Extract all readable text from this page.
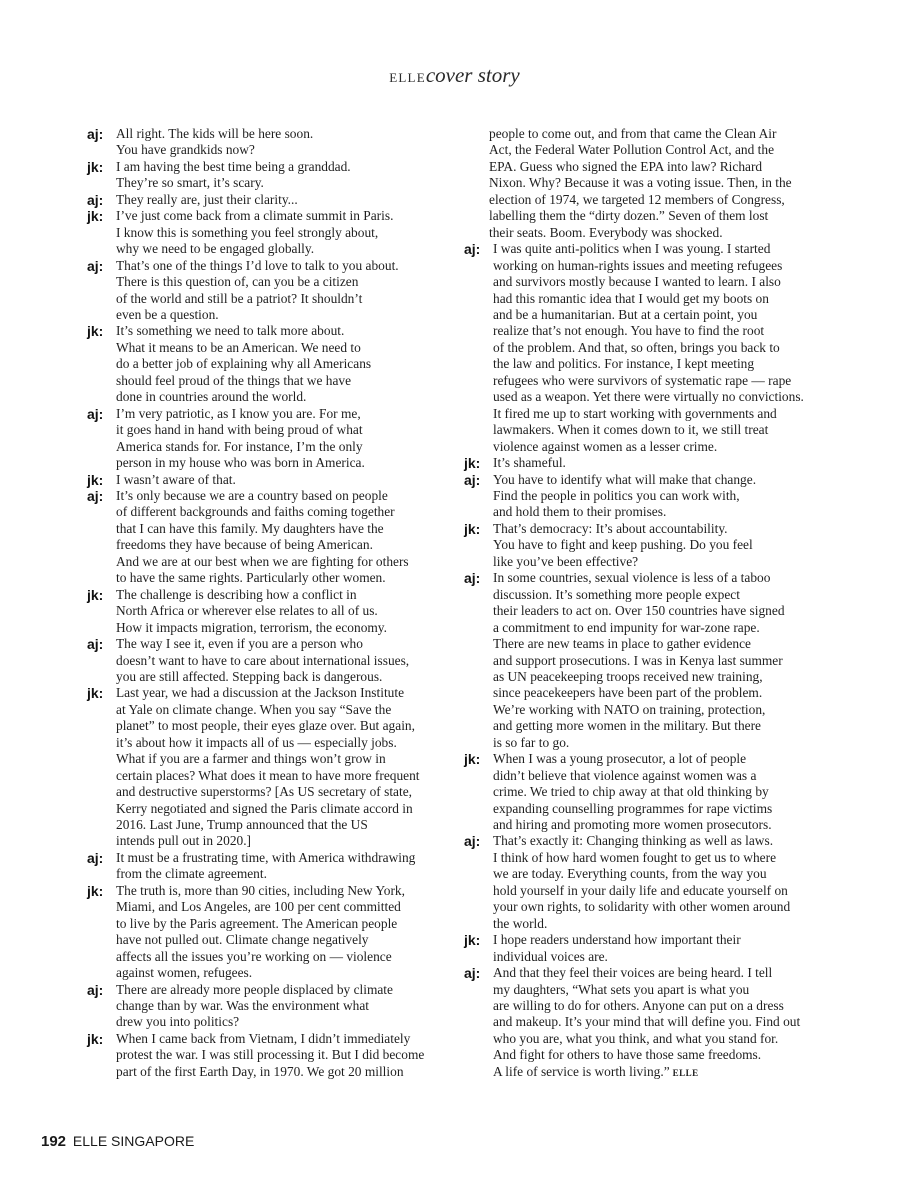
ELLEcover story
aj: All right. The kids will be here soon.
You have grandkids now?
jk: I am having the best time being a granddad.
They’re so smart, it’s scary.
aj: They really are, just their clarity...
jk: I’ve just come back from a climate summit in Paris.
I know this is something you feel strongly about,
why we need to be engaged globally.
aj: That’s one of the things I’d love to talk to you about.
There is this question of, can you be a citizen
of the world and still be a patriot? It shouldn’t
even be a question.
jk: It’s something we need to talk more about.
What it means to be an American. We need to
do a better job of explaining why all Americans
should feel proud of the things that we have
done in countries around the world.
aj: I’m very patriotic, as I know you are. For me,
it goes hand in hand with being proud of what
America stands for. For instance, I’m the only
person in my house who was born in America.
jk: I wasn’t aware of that.
aj: It’s only because we are a country based on people
of different backgrounds and faiths coming together
that I can have this family. My daughters have the
freedoms they have because of being American.
And we are at our best when we are fighting for others
to have the same rights. Particularly other women.
jk: The challenge is describing how a conflict in
North Africa or wherever else relates to all of us.
How it impacts migration, terrorism, the economy.
aj: The way I see it, even if you are a person who
doesn’t want to have to care about international issues,
you are still affected. Stepping back is dangerous.
jk: Last year, we had a discussion at the Jackson Institute
at Yale on climate change. When you say “Save the
planet” to most people, their eyes glaze over. But again,
it’s about how it impacts all of us — especially jobs.
What if you are a farmer and things won’t grow in
certain places? What does it mean to have more frequent
and destructive superstorms? [As US secretary of state,
Kerry negotiated and signed the Paris climate accord in
2016. Last June, Trump announced that the US
intends pull out in 2020.]
aj: It must be a frustrating time, with America withdrawing
from the climate agreement.
jk: The truth is, more than 90 cities, including New York,
Miami, and Los Angeles, are 100 per cent committed
to live by the Paris agreement. The American people
have not pulled out. Climate change negatively
affects all the issues you’re working on — violence
against women, refugees.
aj: There are already more people displaced by climate
change than by war. Was the environment what
drew you into politics?
jk: When I came back from Vietnam, I didn’t immediately
protest the war. I was still processing it. But I did become
part of the first Earth Day, in 1970. We got 20 million
people to come out, and from that came the Clean Air
Act, the Federal Water Pollution Control Act, and the
EPA. Guess who signed the EPA into law? Richard
Nixon. Why? Because it was a voting issue. Then, in the
election of 1974, we targeted 12 members of Congress,
labelling them the “dirty dozen.” Seven of them lost
their seats. Boom. Everybody was shocked.
aj: I was quite anti-politics when I was young. I started
working on human-rights issues and meeting refugees
and survivors mostly because I wanted to learn. I also
had this romantic idea that I would get my boots on
and be a humanitarian. But at a certain point, you
realize that’s not enough. You have to find the root
of the problem. And that, so often, brings you back to
the law and politics. For instance, I kept meeting
refugees who were survivors of systematic rape — rape
used as a weapon. Yet there were virtually no convictions.
It fired me up to start working with governments and
lawmakers. When it comes down to it, we still treat
violence against women as a lesser crime.
jk: It’s shameful.
aj: You have to identify what will make that change.
Find the people in politics you can work with,
and hold them to their promises.
jk: That’s democracy: It’s about accountability.
You have to fight and keep pushing. Do you feel
like you’ve been effective?
aj: In some countries, sexual violence is less of a taboo
discussion. It’s something more people expect
their leaders to act on. Over 150 countries have signed
a commitment to end impunity for war-zone rape.
There are new teams in place to gather evidence
and support prosecutions. I was in Kenya last summer
as UN peacekeeping troops received new training,
since peacekeepers have been part of the problem.
We’re working with NATO on training, protection,
and getting more women in the military. But there
is so far to go.
jk: When I was a young prosecutor, a lot of people
didn’t believe that violence against women was a
crime. We tried to chip away at that old thinking by
expanding counselling programmes for rape victims
and hiring and promoting more women prosecutors.
aj: That’s exactly it: Changing thinking as well as laws.
I think of how hard women fought to get us to where
we are today. Everything counts, from the way you
hold yourself in your daily life and educate yourself on
your own rights, to solidarity with other women around
the world.
jk: I hope readers understand how important their
individual voices are.
aj: And that they feel their voices are being heard. I tell
my daughters, “What sets you apart is what you
are willing to do for others. Anyone can put on a dress
and makeup. It’s your mind that will define you. Find out
who you are, what you think, and what you stand for.
And fight for others to have those same freedoms.
A life of service is worth living.” ELLE
192 ELLE SINGAPORE
